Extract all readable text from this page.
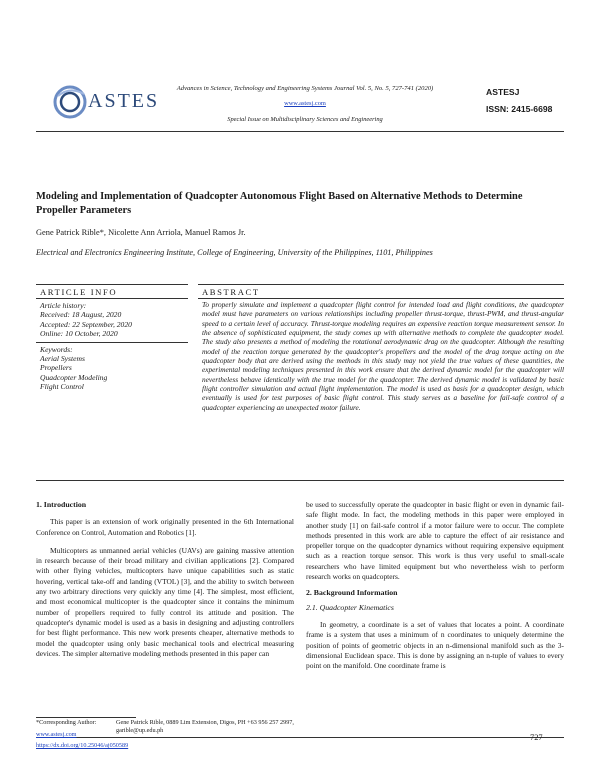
ASTES
Advances in Science, Technology and Engineering Systems Journal Vol. 5, No. 5, 727-741 (2020)
www.astesj.com
Special Issue on Multidisciplinary Sciences and Engineering
ASTESJ
ISSN: 2415-6698
Modeling and Implementation of Quadcopter Autonomous Flight Based on Alternative Methods to Determine Propeller Parameters
Gene Patrick Rible*, Nicolette Ann Arriola, Manuel Ramos Jr.
Electrical and Electronics Engineering Institute, College of Engineering, University of the Philippines, 1101, Philippines
ARTICLE INFO
Article history:
Received: 18 August, 2020
Accepted: 22 September, 2020
Online: 10 October, 2020
Keywords:
Aerial Systems
Propellers
Quadcopter Modeling
Flight Control
ABSTRACT
To properly simulate and implement a quadcopter flight control for intended load and flight conditions, the quadcopter model must have parameters on various relationships including propeller thrust-torque, thrust-PWM, and thrust-angular speed to a certain level of accuracy. Thrust-torque modeling requires an expensive reaction torque measurement sensor. In the absence of sophisticated equipment, the study comes up with alternative methods to complete the quadcopter model. The study also presents a method of modeling the rotational aerodynamic drag on the quadcopter. Although the resulting model of the reaction torque generated by the quadcopter's propellers and the model of the drag torque acting on the quadcopter body that are derived using the methods in this study may not yield the true values of these quantities, the experimental modeling techniques presented in this work ensure that the derived dynamic model for the quadcopter will nevertheless behave identically with the true model for the quadcopter. The derived dynamic model is validated by basic flight controller simulation and actual flight implementation. The model is used as basis for a quadcopter design, which eventually is used for test purposes of basic flight control. This study serves as a baseline for fail-safe control of a quadcopter experiencing an unexpected motor failure.

1. Introduction

This paper is an extension of work originally presented in the 6th International Conference on Control, Automation and Robotics [1].

Multicopters as unmanned aerial vehicles (UAVs) are gaining massive attention in research because of their broad military and civilian applications [2]. Compared with other flying vehicles, multicopters have unique capabilities such as static hovering, vertical take-off and landing (VTOL) [3], and the ability to switch between any two arbitrary directions very quickly any time [4]. The simplest, most efficient, and most economical multicopter is the quadcopter since it contains the minimum number of propellers required to fully control its attitude and position. The quadcopter's dynamic model is used as a basis in designing and adjusting controllers for best flight performance. This new work presents cheaper, alternative methods to model the quadcopter using only basic mechanical tools and electrical measuring devices. The simpler alternative modeling methods presented in this paper can

be used to successfully operate the quadcopter in basic flight or even in dynamic fail-safe flight mode. In fact, the modeling methods in this paper were employed in another study [1] on fail-safe control if a motor failure were to occur. The complete methods presented in this work are able to capture the effect of air resistance and propeller torque on the quadcopter dynamics without requiring expensive equipment such as a reaction torque sensor. This work is thus very useful to small-scale researchers who have limited equipment but who nevertheless wish to perform research works on quadcopters.

2. Background Information

2.1. Quadcopter Kinematics

In geometry, a coordinate is a set of values that locates a point. A coordinate frame is a system that uses a minimum of n coordinates to uniquely determine the position of points of geometric objects in an n-dimensional manifold such as the 3-dimensional Euclidean space. This is done by assigning an n-tuple of values to every point on the manifold. One coordinate frame is

*Corresponding Author:	Gene Patrick Rible, 0889 Lim Extension, Digos, PH +63 956 257 2997, garible@up.edu.ph
www.astesj.com
https://dx.doi.org/10.25046/aj050589
727
